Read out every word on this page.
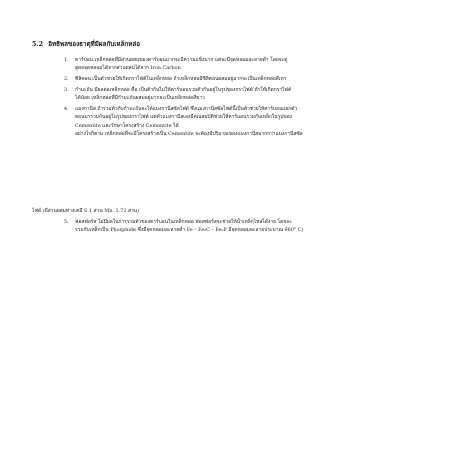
5.2 อิทธิพลของธาตุที่มีผลกับเหล็กหล่อ
1. คาร์บอน เหล็กหล่อที่มีส่วนผสมของคาร์บอนมากจะมีความแข็งมาก แต่จะมีจุดหลอมละลายต่ำ โดยจะดู
ดูผลจุดหลอมได้จากส่วนผสมได้จาก Iron Carbon
2. ซิลิคอน เป็นตัวช่วยให้เกิดกราไฟต์ในเหล็กหล่อ ถ้าเหล็กหล่อมีซิลิคอนผสมอยู่มากจะเป็นเหล็กหล่อสีเทา
3. กำมะถัน มีผลต่อเหล็กหล่อ คือ เป็นตัวกันไม่ให้คาร์บอนรวมตัวกันอยู่ในรูปของกราไฟต์ ทำให้เกิดกราไฟต์
ได้น้อย เหล็กหล่อที่มีกำมะถันผสมอยู่มากจะเป็นเหล็กหล่อสีขาว
4. แมงกานีส ถ้ารวมตัวกับกำมะถันจะได้แมงกานีสซัลไฟด์ ซึ่งแมงกานีสซัลไฟด์นี้เป็นตัวช่วยให้คาร์บอนแยกตัว
ตอนมารวมกันอยู่ในรูปของกราไฟต์ แต่ตัวแมงกานีสเองมีคุณสมบัติช่วยให้คาร์บอนรวมกับเหล็กในรูปของ
Cementite และรักษาโครงสร้าง Cementite ได้
อย่างไรก็ตาม เหล็กหล่อที่จะมีโครงสร้างเป็น Cementite จะต้องมีปริมาณของแมงกานีสมากกว่าแมงกานีสซัล
ไฟด์ (มีส่วนผสมทางเคมี S 1 ส่วน Mn. 1.72 ส่วน)
5. ฟอสฟอรัส ไม่มีผลในการรวมตัวของคาร์บอนในเหล็กหล่อ ฟอสฟอรัสจะช่วยให้น้ำเหล็กไหลได้ง่าย โดยจะ
รวมกับเหล็กเป็น Phosphide ซึ่งมีจุดหลอมละลายต่ำ Fe – Fe₃C – Fe₃P มีจุดหลอมละลายประมาณ 960° C)
